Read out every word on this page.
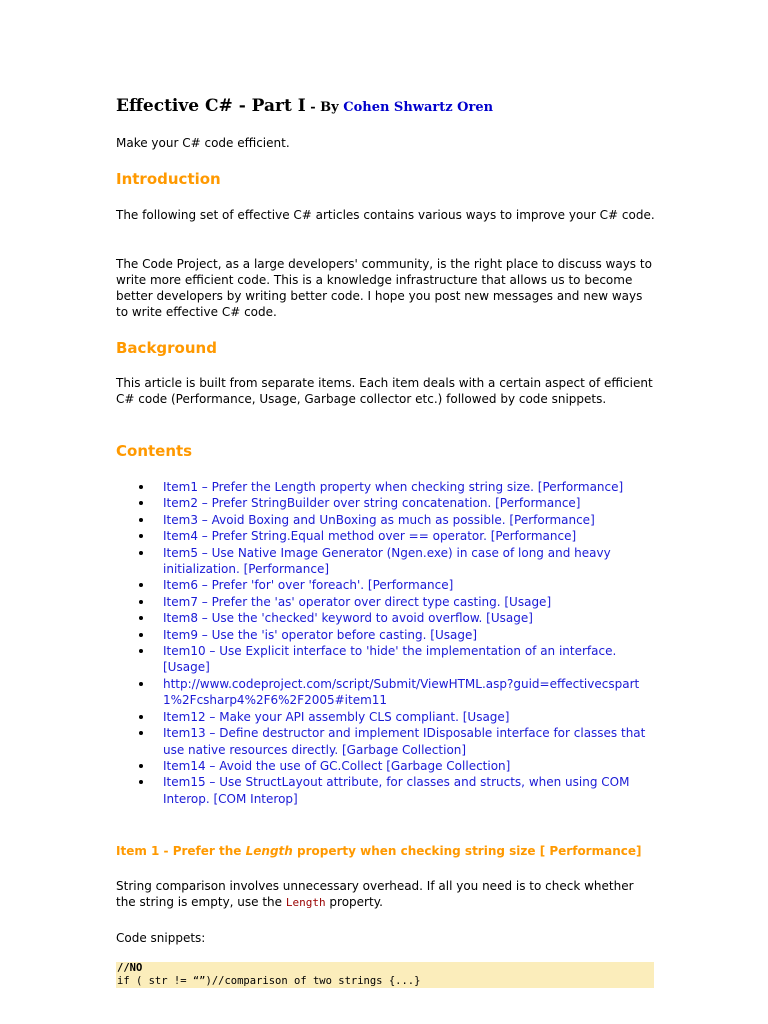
Effective C# - Part I - By Cohen Shwartz Oren
Make your C# code efficient.
Introduction
The following set of effective C# articles contains various ways to improve your C# code.
The Code Project, as a large developers' community, is the right place to discuss ways to write more efficient code. This is a knowledge infrastructure that allows us to become better developers by writing better code. I hope you post new messages and new ways to write effective C# code.
Background
This article is built from separate items. Each item deals with a certain aspect of efficient C# code (Performance, Usage, Garbage collector etc.) followed by code snippets.
Contents
Item1 – Prefer the Length property when checking string size. [Performance]
Item2 – Prefer StringBuilder over string concatenation. [Performance]
Item3 – Avoid Boxing and UnBoxing as much as possible. [Performance]
Item4 – Prefer String.Equal method over == operator. [Performance]
Item5 – Use Native Image Generator (Ngen.exe) in case of long and heavy initialization. [Performance]
Item6 – Prefer 'for' over 'foreach'. [Performance]
Item7 – Prefer the 'as' operator over direct type casting. [Usage]
Item8 – Use the 'checked' keyword to avoid overflow. [Usage]
Item9 – Use the 'is' operator before casting. [Usage]
Item10 – Use Explicit interface to 'hide' the implementation of an interface. [Usage]
http://www.codeproject.com/script/Submit/ViewHTML.asp?guid=effectivecspart1%2Fcsharp4%2F6%2F2005#item11
Item12 – Make your API assembly CLS compliant. [Usage]
Item13 – Define destructor and implement IDisposable interface for classes that use native resources directly. [Garbage Collection]
Item14 – Avoid the use of GC.Collect [Garbage Collection]
Item15 – Use StructLayout attribute, for classes and structs, when using COM Interop. [COM Interop]
Item 1 - Prefer the Length property when checking string size [ Performance]
String comparison involves unnecessary overhead. If all you need is to check whether the string is empty, use the Length property.
Code snippets:
//NO
if ( str != “”)//comparison of two strings {...}
